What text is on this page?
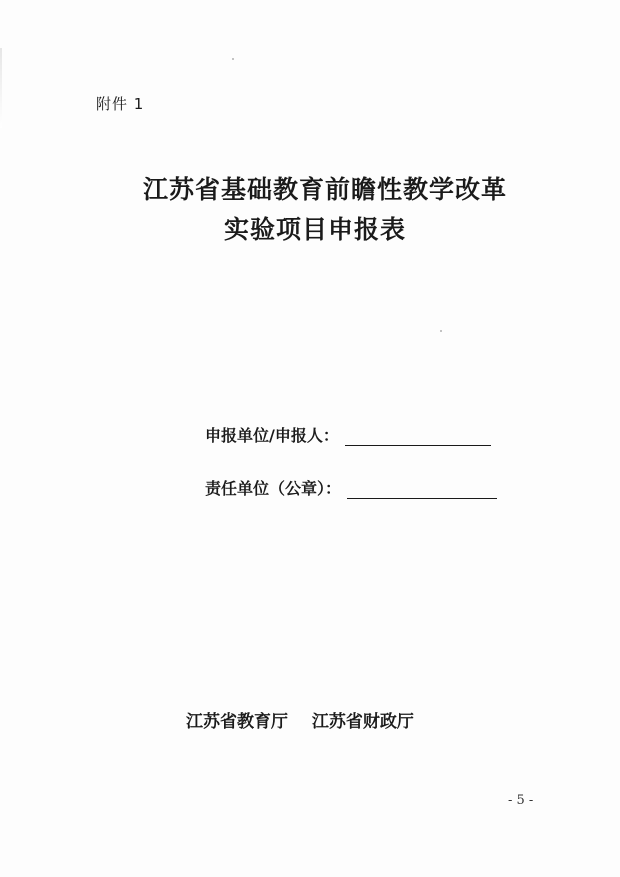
附件 1
江苏省基础教育前瞻性教学改革
实验项目申报表
申报单位/申报人：
责任单位（公章）：
江苏省教育厅 江苏省财政厅
- 5 -
